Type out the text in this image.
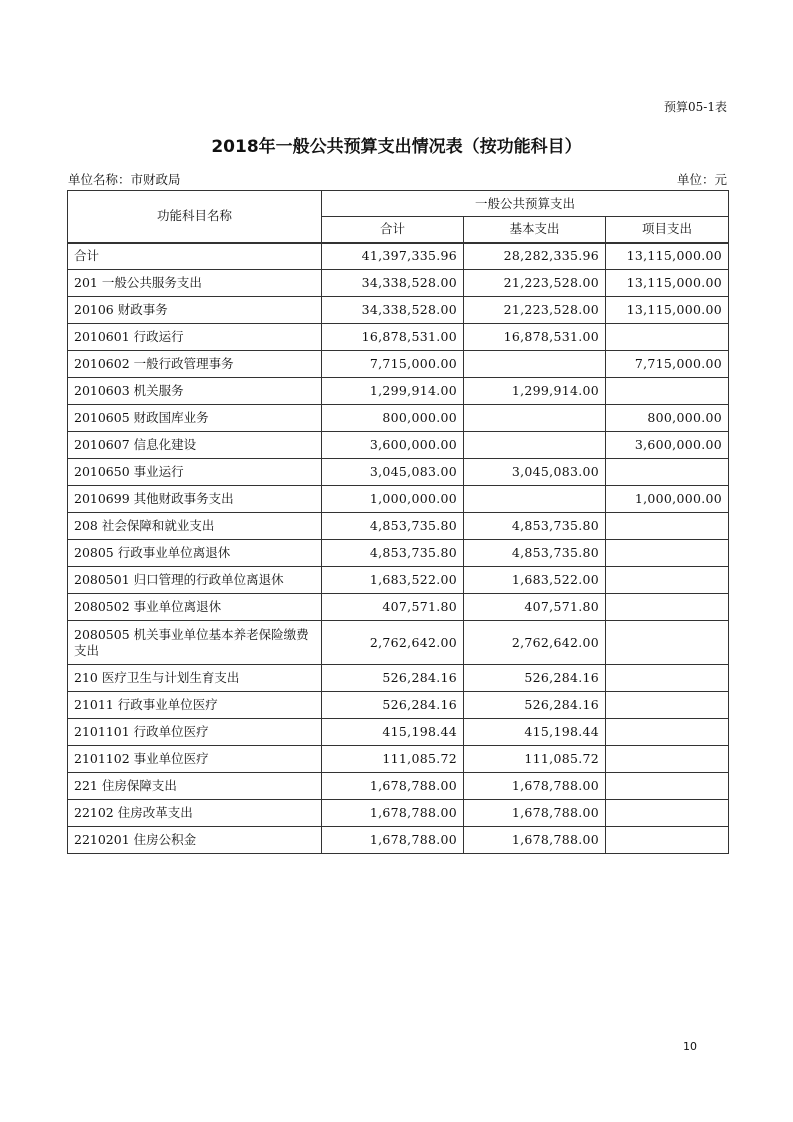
预算05-1表
2018年一般公共预算支出情况表（按功能科目）
单位名称：市财政局	单位：元
功能科目名称	一般公共预算支出		
	合计	基本支出	项目支出
合计	41,397,335.96	28,282,335.96	13,115,000.00
201 一般公共服务支出	34,338,528.00	21,223,528.00	13,115,000.00
20106 财政事务	34,338,528.00	21,223,528.00	13,115,000.00
2010601 行政运行	16,878,531.00	16,878,531.00	
2010602 一般行政管理事务	7,715,000.00		7,715,000.00
2010603 机关服务	1,299,914.00	1,299,914.00	
2010605 财政国库业务	800,000.00		800,000.00
2010607 信息化建设	3,600,000.00		3,600,000.00
2010650 事业运行	3,045,083.00	3,045,083.00	
2010699 其他财政事务支出	1,000,000.00		1,000,000.00
208 社会保障和就业支出	4,853,735.80	4,853,735.80	
20805 行政事业单位离退休	4,853,735.80	4,853,735.80	
2080501 归口管理的行政单位离退休	1,683,522.00	1,683,522.00	
2080502 事业单位离退休	407,571.80	407,571.80	
2080505 机关事业单位基本养老保险缴费支出	2,762,642.00	2,762,642.00	
210 医疗卫生与计划生育支出	526,284.16	526,284.16	
21011 行政事业单位医疗	526,284.16	526,284.16	
2101101 行政单位医疗	415,198.44	415,198.44	
2101102 事业单位医疗	111,085.72	111,085.72	
221 住房保障支出	1,678,788.00	1,678,788.00	
22102 住房改革支出	1,678,788.00	1,678,788.00	
2210201 住房公积金	1,678,788.00	1,678,788.00	
10
